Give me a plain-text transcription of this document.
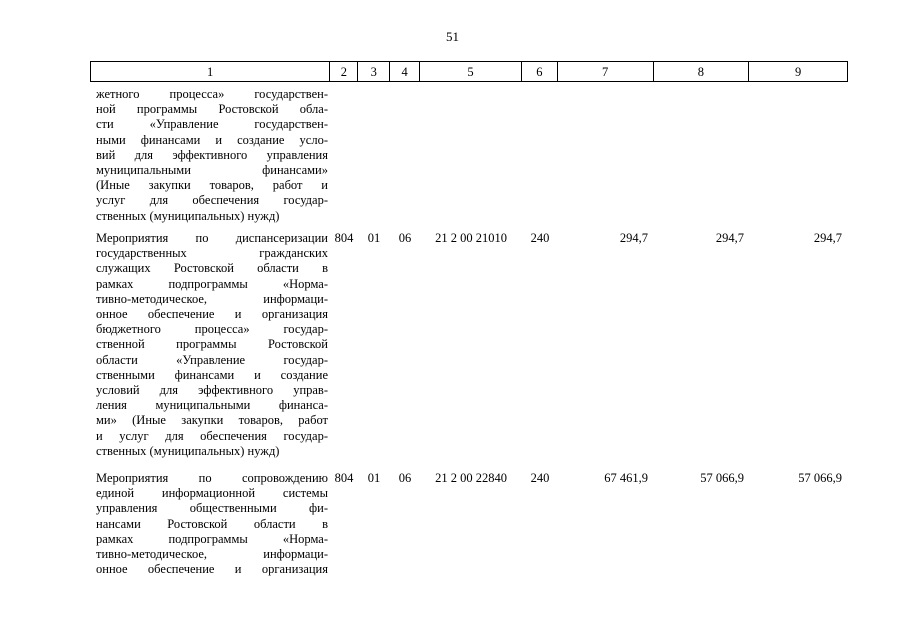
51
1	2	3	4	5	6	7	8	9
жетного процесса» государствен-
ной программы Ростовской обла-
сти «Управление государствен-
ными финансами и создание усло-
вий для эффективного управления
муниципальными финансами»
(Иные закупки товаров, работ и
услуг для обеспечения государ-
ственных (муниципальных) нужд)
Мероприятия по диспансеризации
государственных гражданских
служащих Ростовской области в
рамках подпрограммы «Норма-
тивно-методическое, информаци-
онное обеспечение и организация
бюджетного процесса» государ-
ственной программы Ростовской
области «Управление государ-
ственными финансами и создание
условий для эффективного управ-
ления муниципальными финанса-
ми» (Иные закупки товаров, работ
и услуг для обеспечения государ-
ственных (муниципальных) нужд)
804	01	06	21 2 00 21010	240	294,7	294,7	294,7
Мероприятия по сопровождению
единой информационной системы
управления общественными фи-
нансами Ростовской области в
рамках подпрограммы «Норма-
тивно-методическое, информаци-
онное обеспечение и организация
804	01	06	21 2 00 22840	240	67 461,9	57 066,9	57 066,9
